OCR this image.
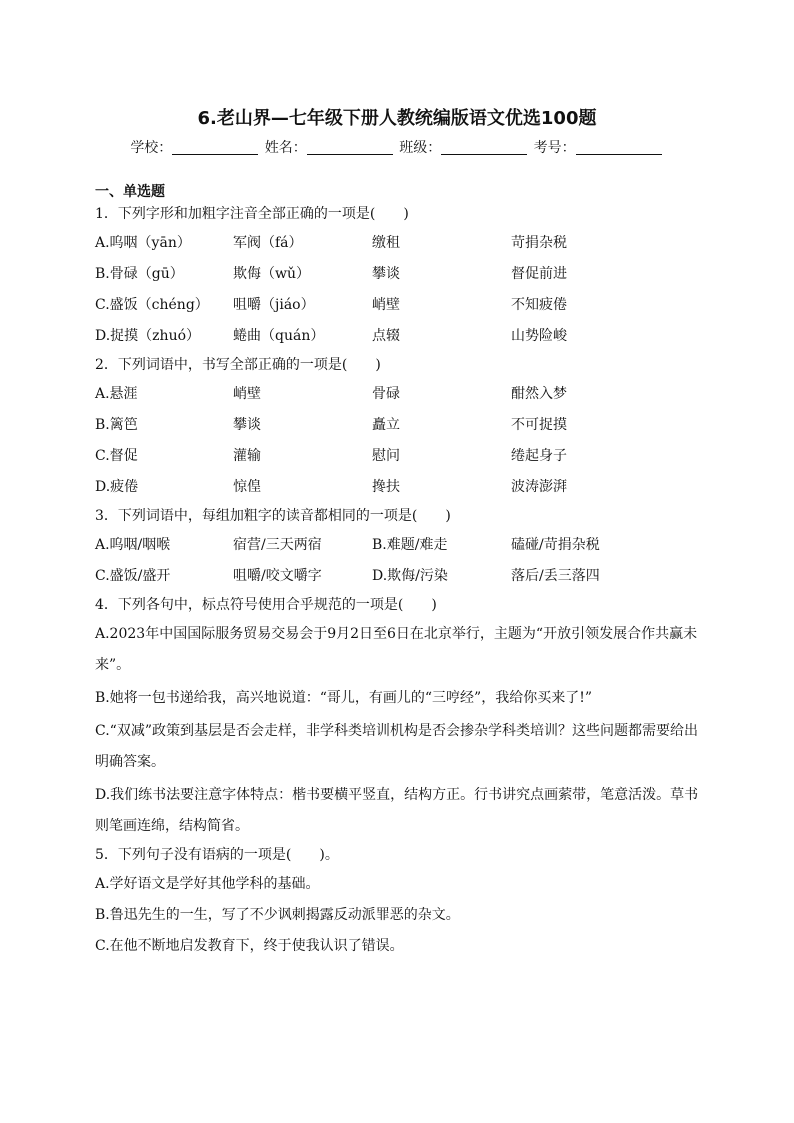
6.老山界—七年级下册人教统编版语文优选100题
学校：	姓名：	班级：	考号：
一、单选题

1．下列字形和加粗字注音全部正确的一项是(　　)

A.呜咽（yān）	军阀（fá）	缴租	苛捐杂税
B.骨碌（gū）	欺侮（wǔ）	攀谈	督促前进
C.盛饭（chéng） 咀嚼（jiáo）	峭壁	不知疲倦
D.捉摸（zhuó） 蜷曲（quán）	点辍	山势险峻

2．下列词语中，书写全部正确的一项是(　　)

A.悬涯	峭壁	骨碌	酣然入梦
B.篱笆	攀谈	矗立	不可捉摸
C.督促	灌输	慰问	绻起身子
D.疲倦	惊偟	搀扶	波涛澎湃

3．下列词语中，每组加粗字的读音都相同的一项是(　　)

A.呜咽/咽喉	宿营/三天两宿	B.难题/难走	磕碰/苛捐杂税
C.盛饭/盛开	咀嚼/咬文嚼字	D.欺侮/污染	落后/丢三落四

4．下列各句中，标点符号使用合乎规范的一项是(　　)

A.2023年中国国际服务贸易交易会于9月2日至6日在北京举行，主题为“开放引领发展合作共赢未来”。

B.她将一包书递给我，高兴地说道：“哥儿，有画儿的“三哼经”，我给你买来了!”

C.“双减”政策到基层是否会走样，非学科类培训机构是否会掺杂学科类培训？这些问题都需要给出明确答案。

D.我们练书法要注意字体特点：楷书要横平竖直，结构方正。行书讲究点画萦带，笔意活泼。草书则笔画连绵，结构简省。

5．下列句子没有语病的一项是(　　)。

A.学好语文是学好其他学科的基础。

B.鲁迅先生的一生，写了不少讽刺揭露反动派罪恶的杂文。

C.在他不断地启发教育下，终于使我认识了错误。
